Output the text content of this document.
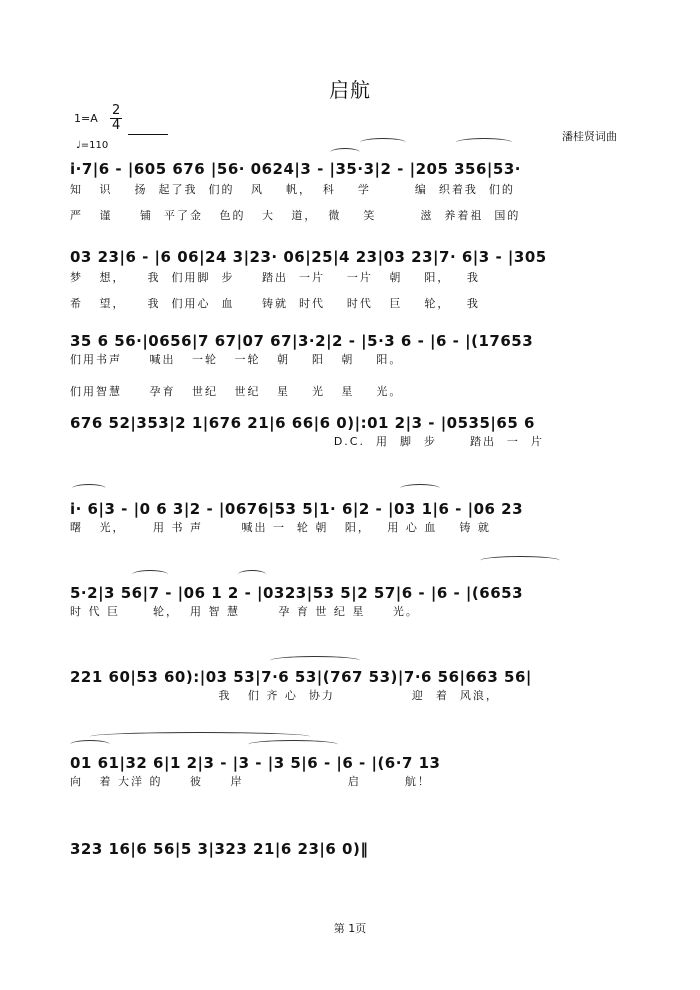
启航
$1=A \frac{2}{4}$
♩=110
潘桂贤词曲
i·7|6 - |605 676 |56· 0624|3 - |35·3|2 - |205 356|53·
知   识    扬  起了我  们的   风    帆，  科    学        编  织着我  们的
严   谨     铺  平了金   色的   大   道，  微    笑        滋  养着祖  国的
03 23|6 - |6 06|24 3|23· 06|25|4 23|03 23|7· 6|3 - |305
梦   想，    我  们用脚  步     踏出  一片    一片   朝    阳，   我
希   望，    我  们用心  血     铸就  时代    时代   巨    轮，   我
35 6 56·|0656|7 67|07 67|3·2|2 - |5·3 6 - |6 - |(17653
们用书声     喊出   一轮   一轮   朝    阳   朝    阳。
们用智慧     孕育   世纪   世纪   星    光   星    光。
676 52|353|2 1|676 21|6 66|6 0)|:01 2|3 - |0535|65 6
D.C.  用  脚  步      踏出  一  片
i· 6|3 - |0 6 3|2 - |0676|53 5|1· 6|2 - |03 1|6 - |06 23
曙   光，     用 书 声       喊出 一  轮 朝   阳，   用 心 血    铸 就
5·2|3 56|7 - |06 1 2 - |0323|53 5|2 57|6 - |6 - |(6653
时 代 巨      轮，  用 智 慧       孕 育 世 纪 星     光。
221 60|53 60):|03 53|7·6 53|(767 53)|7·6 56|663 56|
我   们 齐 心  协力              迎  着  风浪，
01 61|32 6|1 2|3 - |3 - |3 5|6 - |6 - |(6·7 13
向   着 大洋 的     彼     岸                   启        航！
323 16|6 56|5 3|323 21|6 23|6 0)‖
第 1页
